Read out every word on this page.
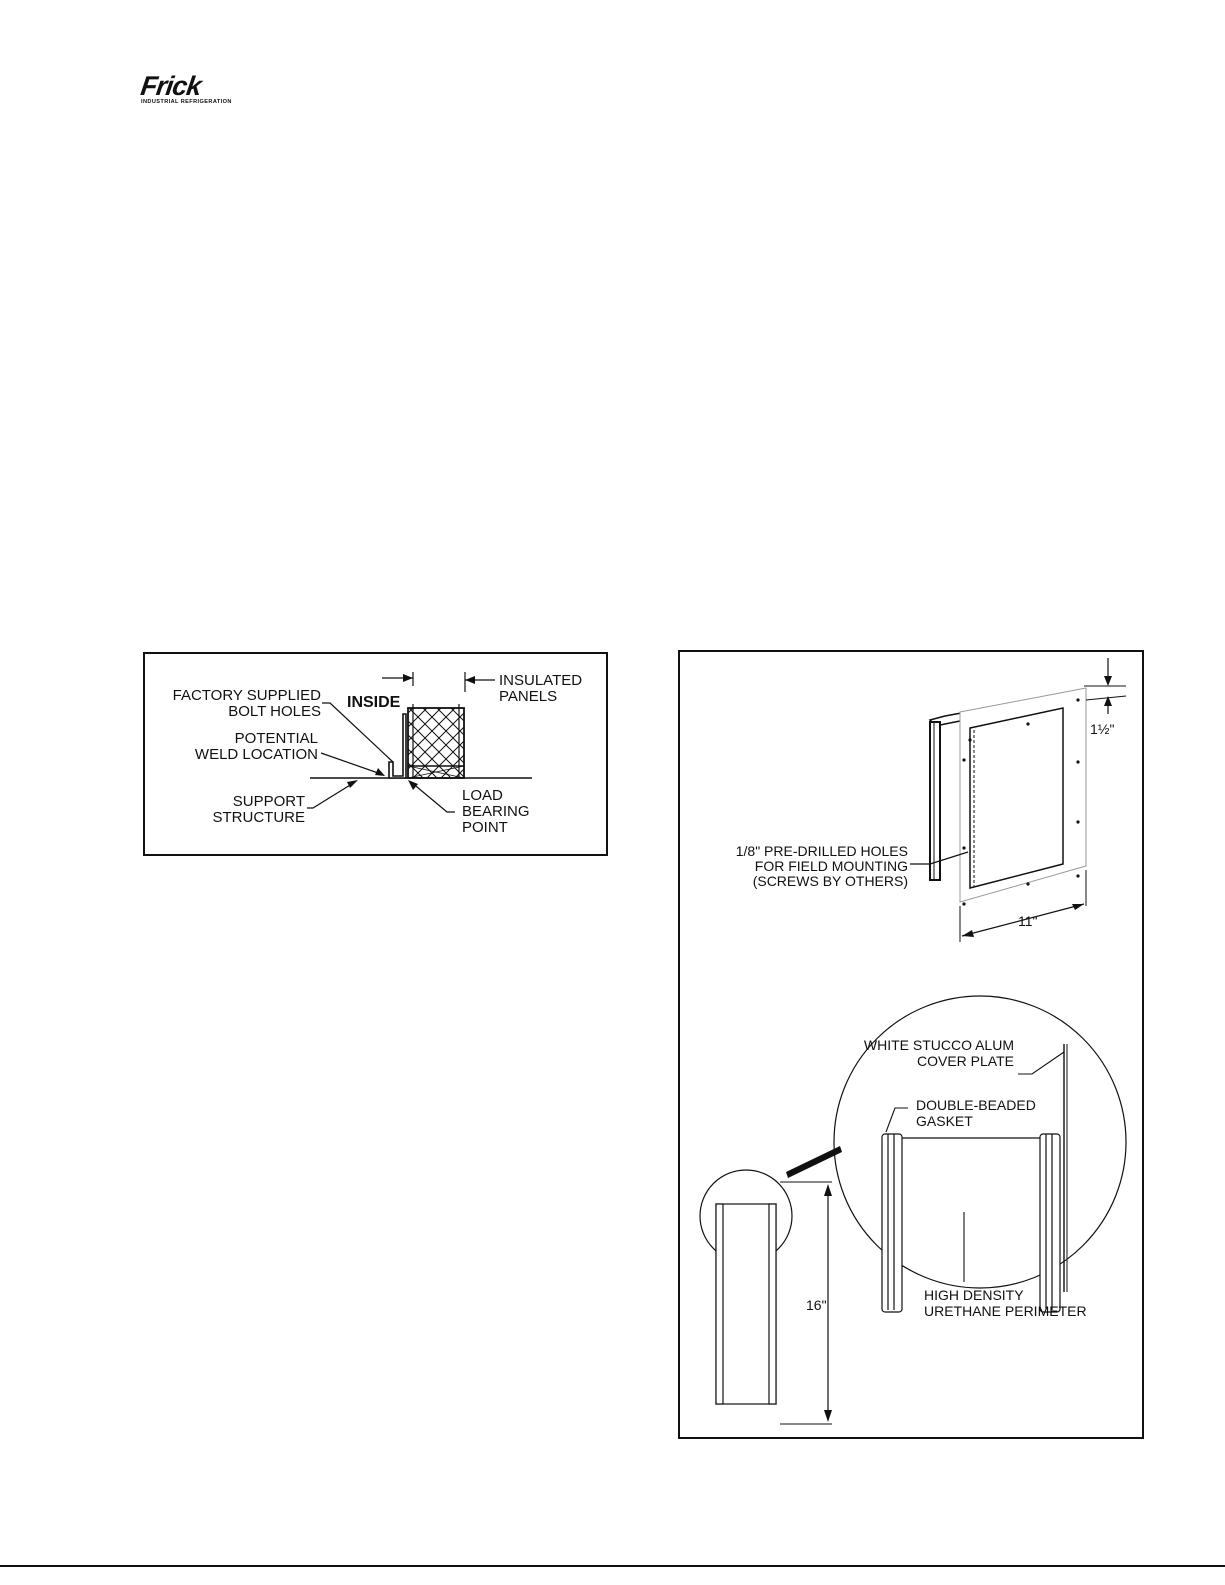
Frick
INDUSTRIAL REFRIGERATION
FACTORY SUPPLIED
BOLT HOLES
INSIDE
INSULATED
PANELS
POTENTIAL
WELD LOCATION
SUPPORT
STRUCTURE
LOAD
BEARING
POINT
1½"
1/8" PRE-DRILLED HOLES
FOR FIELD MOUNTING
(SCREWS BY OTHERS)
11"
WHITE STUCCO ALUM
COVER PLATE
DOUBLE-BEADED
GASKET
HIGH DENSITY
URETHANE PERIMETER
16"
